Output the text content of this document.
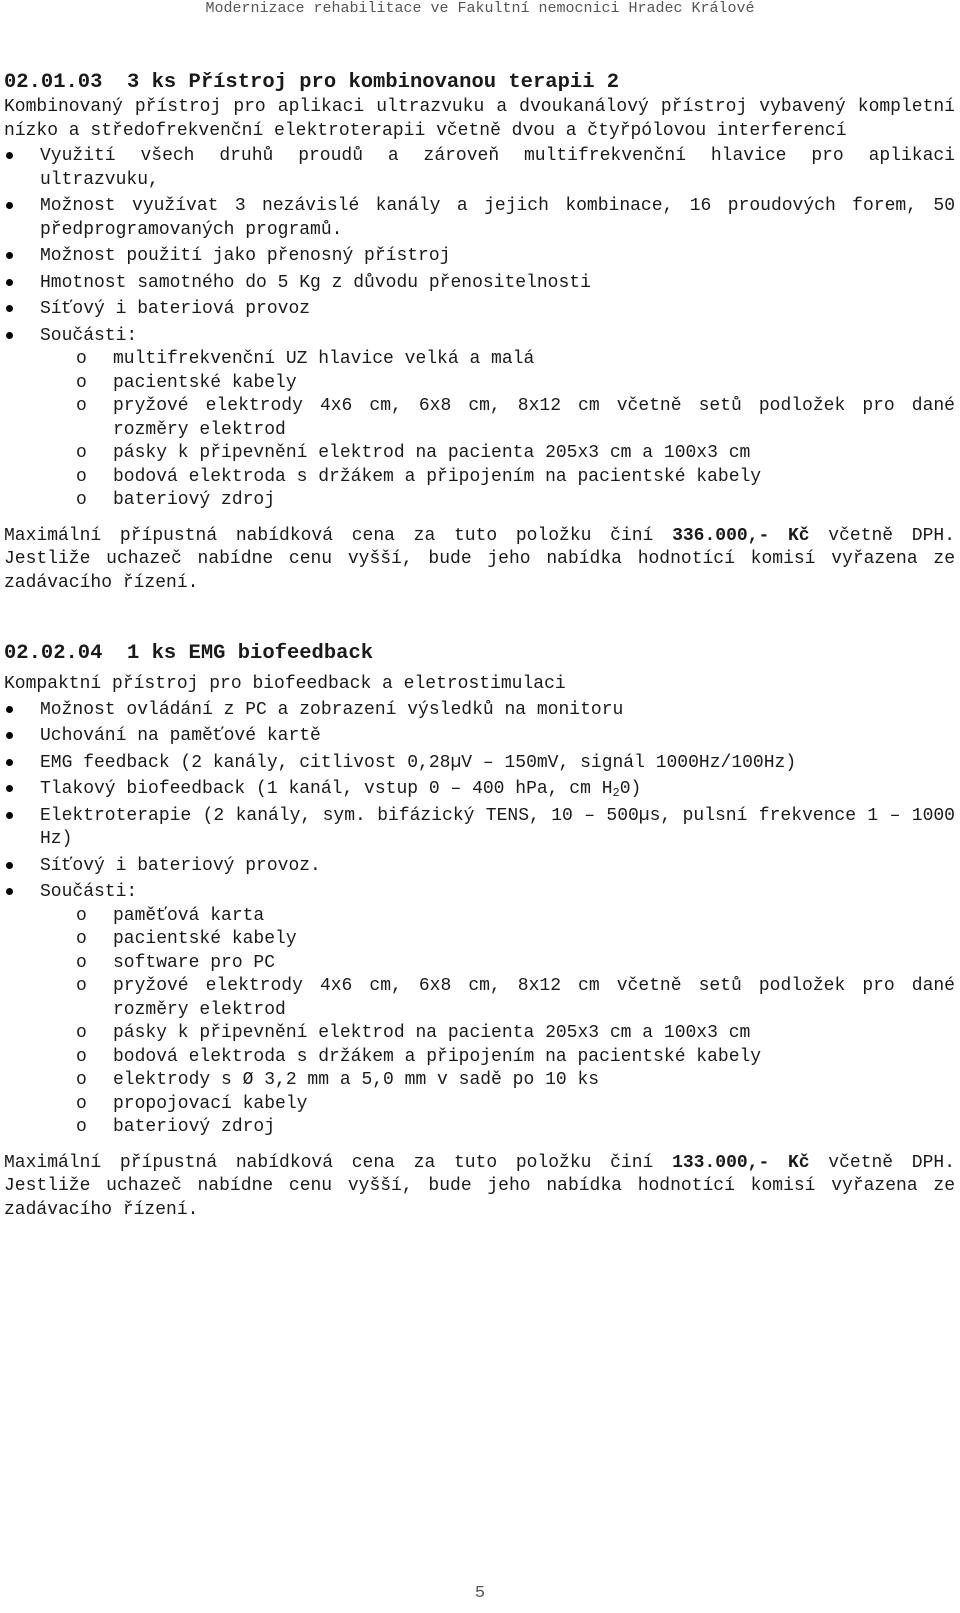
Modernizace rehabilitace ve Fakultní nemocnici Hradec Králové
02.01.03  3 ks Přístroj pro kombinovanou terapii 2
Kombinovaný přístroj pro aplikaci ultrazvuku a dvoukanálový přístroj vybavený kompletní nízko a středofrekvenční elektroterapii včetně dvou a čtyřpólovou interferencí
Využití všech druhů proudů a zároveň multifrekvenční hlavice pro aplikaci ultrazvuku,
Možnost využívat 3 nezávislé kanály a jejich kombinace, 16 proudových forem, 50 předprogramovaných programů.
Možnost použití jako přenosný přístroj
Hmotnost samotného do 5 Kg z důvodu přenositelnosti
Síťový i bateriová provoz
Součásti:
o multifrekvenční UZ hlavice velká a malá
o pacientské kabely
o pryžové elektrody 4x6 cm, 6x8 cm, 8x12 cm včetně setů podložek pro dané rozměry elektrod
o pásky k připevnění elektrod na pacienta 205x3 cm a 100x3 cm
o bodová elektroda s držákem a připojením na pacientské kabely
o bateriový zdroj
Maximální přípustná nabídková cena za tuto položku činí 336.000,- Kč včetně DPH. Jestliže uchazeč nabídne cenu vyšší, bude jeho nabídka hodnotící komisí vyřazena ze zadávacího řízení.
02.02.04  1 ks EMG biofeedback
Kompaktní přístroj pro biofeedback a eletrostimulaci
Možnost ovládání z PC a zobrazení výsledků na monitoru
Uchování na paměťové kartě
EMG feedback (2 kanály, citlivost 0,28µV – 150mV, signál 1000Hz/100Hz)
Tlakový biofeedback (1 kanál, vstup 0 – 400 hPa, cm $H_20$)
Elektroterapie (2 kanály, sym. bifázický TENS, 10 – 500µs, pulsní frekvence 1 – 1000 Hz)
Síťový i bateriový provoz.
Součásti:
o paměťová karta
o pacientské kabely
o software pro PC
o pryžové elektrody 4x6 cm, 6x8 cm, 8x12 cm včetně setů podložek pro dané rozměry elektrod
o pásky k připevnění elektrod na pacienta 205x3 cm a 100x3 cm
o bodová elektroda s držákem a připojením na pacientské kabely
o elektrody s Ø 3,2 mm a 5,0 mm v sadě po 10 ks
o propojovací kabely
o bateriový zdroj
Maximální přípustná nabídková cena za tuto položku činí 133.000,- Kč včetně DPH. Jestliže uchazeč nabídne cenu vyšší, bude jeho nabídka hodnotící komisí vyřazena ze zadávacího řízení.
5
